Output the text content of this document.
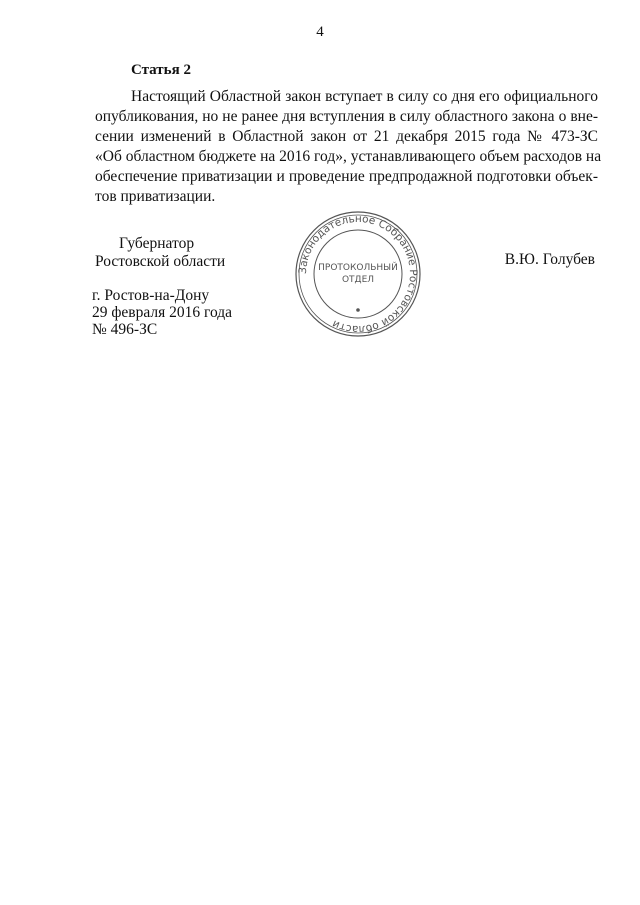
4
Статья 2
Настоящий Областной закон вступает в силу со дня его официального
опубликования, но не ранее дня вступления в силу областного закона о вне-
сении изменений в Областной закон от 21 декабря 2015 года № 473-ЗС
«Об областном бюджете на 2016 год», устанавливающего объем расходов на
обеспечение приватизации и проведение предпродажной подготовки объек-
тов приватизации.
Губернатор
Ростовской области	В.Ю. Голубев
г. Ростов-на-Дону
29 февраля 2016 года
№ 496-ЗС
Законодательное Собрание Ростовской области
ПРОТОКОЛЬНЫЙ
ОТДЕЛ
